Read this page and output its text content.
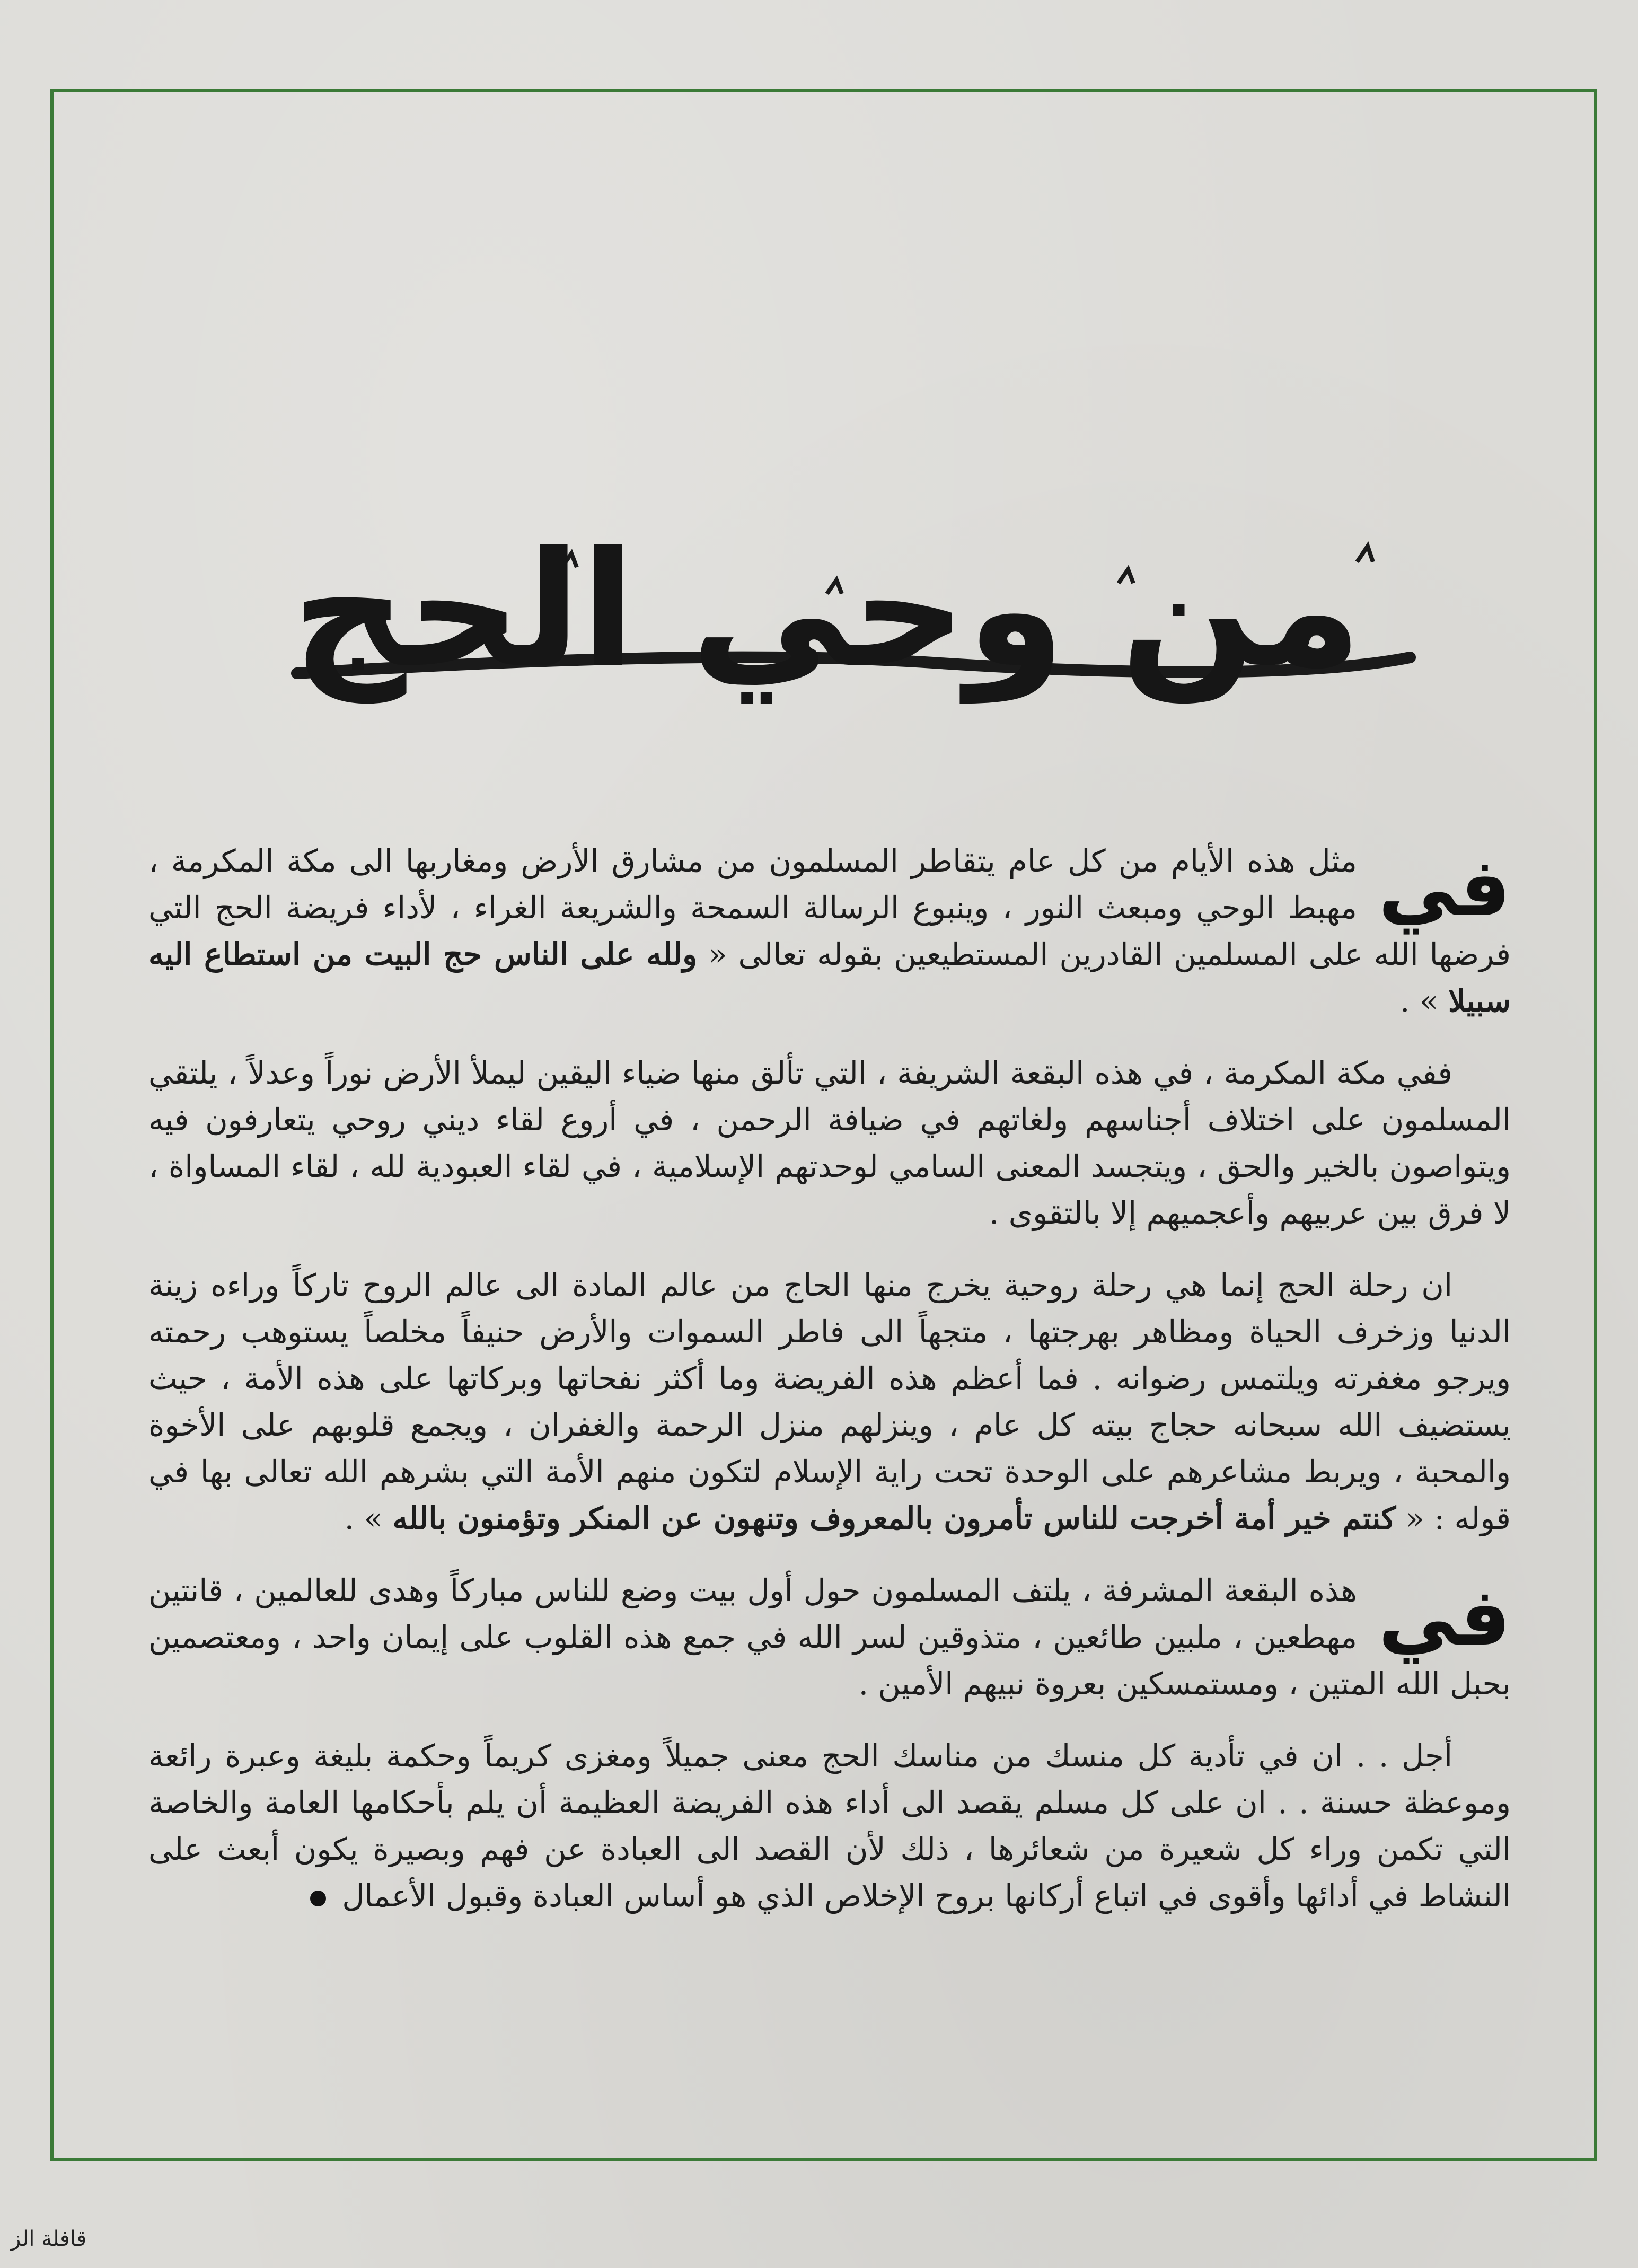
من وحي الحج

في
مثل هذه الأيام من كل عام يتقاطر المسلمون من مشارق الأرض ومغاربها الى مكة المكرمة ، مهبط الوحي ومبعث النور ، وينبوع الرسالة السمحة والشريعة الغراء ، لأداء فريضة الحج التي فرضها الله على المسلمين القادرين المستطيعين بقوله تعالى « ولله على الناس حج البيت من استطاع اليه سبيلا » .

ففي مكة المكرمة ، في هذه البقعة الشريفة ، التي تألق منها ضياء اليقين ليملأ الأرض نوراً وعدلاً ، يلتقي المسلمون على اختلاف أجناسهم ولغاتهم في ضيافة الرحمن ، في أروع لقاء ديني روحي يتعارفون فيه ويتواصون بالخير والحق ، ويتجسد المعنى السامي لوحدتهم الإسلامية ، في لقاء العبودية لله ، لقاء المساواة ، لا فرق بين عربيهم وأعجميهم إلا بالتقوى .

ان رحلة الحج إنما هي رحلة روحية يخرج منها الحاج من عالم المادة الى عالم الروح تاركاً وراءه زينة الدنيا وزخرف الحياة ومظاهر بهرجتها ، متجهاً الى فاطر السموات والأرض حنيفاً مخلصاً يستوهب رحمته ويرجو مغفرته ويلتمس رضوانه . فما أعظم هذه الفريضة وما أكثر نفحاتها وبركاتها على هذه الأمة ، حيث يستضيف الله سبحانه حجاج بيته كل عام ، وينزلهم منزل الرحمة والغفران ، ويجمع قلوبهم على الأخوة والمحبة ، ويربط مشاعرهم على الوحدة تحت راية الإسلام لتكون منهم الأمة التي بشرهم الله تعالى بها في قوله : « كنتم خير أمة أخرجت للناس تأمرون بالمعروف وتنهون عن المنكر وتؤمنون بالله » .

في
هذه البقعة المشرفة ، يلتف المسلمون حول أول بيت وضع للناس مباركاً وهدى للعالمين ، قانتين مهطعين ، ملبين طائعين ، متذوقين لسر الله في جمع هذه القلوب على إيمان واحد ، ومعتصمين بحبل الله المتين ، ومستمسكين بعروة نبيهم الأمين .

أجل . . ان في تأدية كل منسك من مناسك الحج معنى جميلاً ومغزى كريماً وحكمة بليغة وعبرة رائعة وموعظة حسنة . . ان على كل مسلم يقصد الى أداء هذه الفريضة العظيمة أن يلم بأحكامها العامة والخاصة التي تكمن وراء كل شعيرة من شعائرها ، ذلك لأن القصد الى العبادة عن فهم وبصيرة يكون أبعث على النشاط في أدائها وأقوى في اتباع أركانها بروح الإخلاص الذي هو أساس العبادة وقبول الأعمال

قافلة الز
